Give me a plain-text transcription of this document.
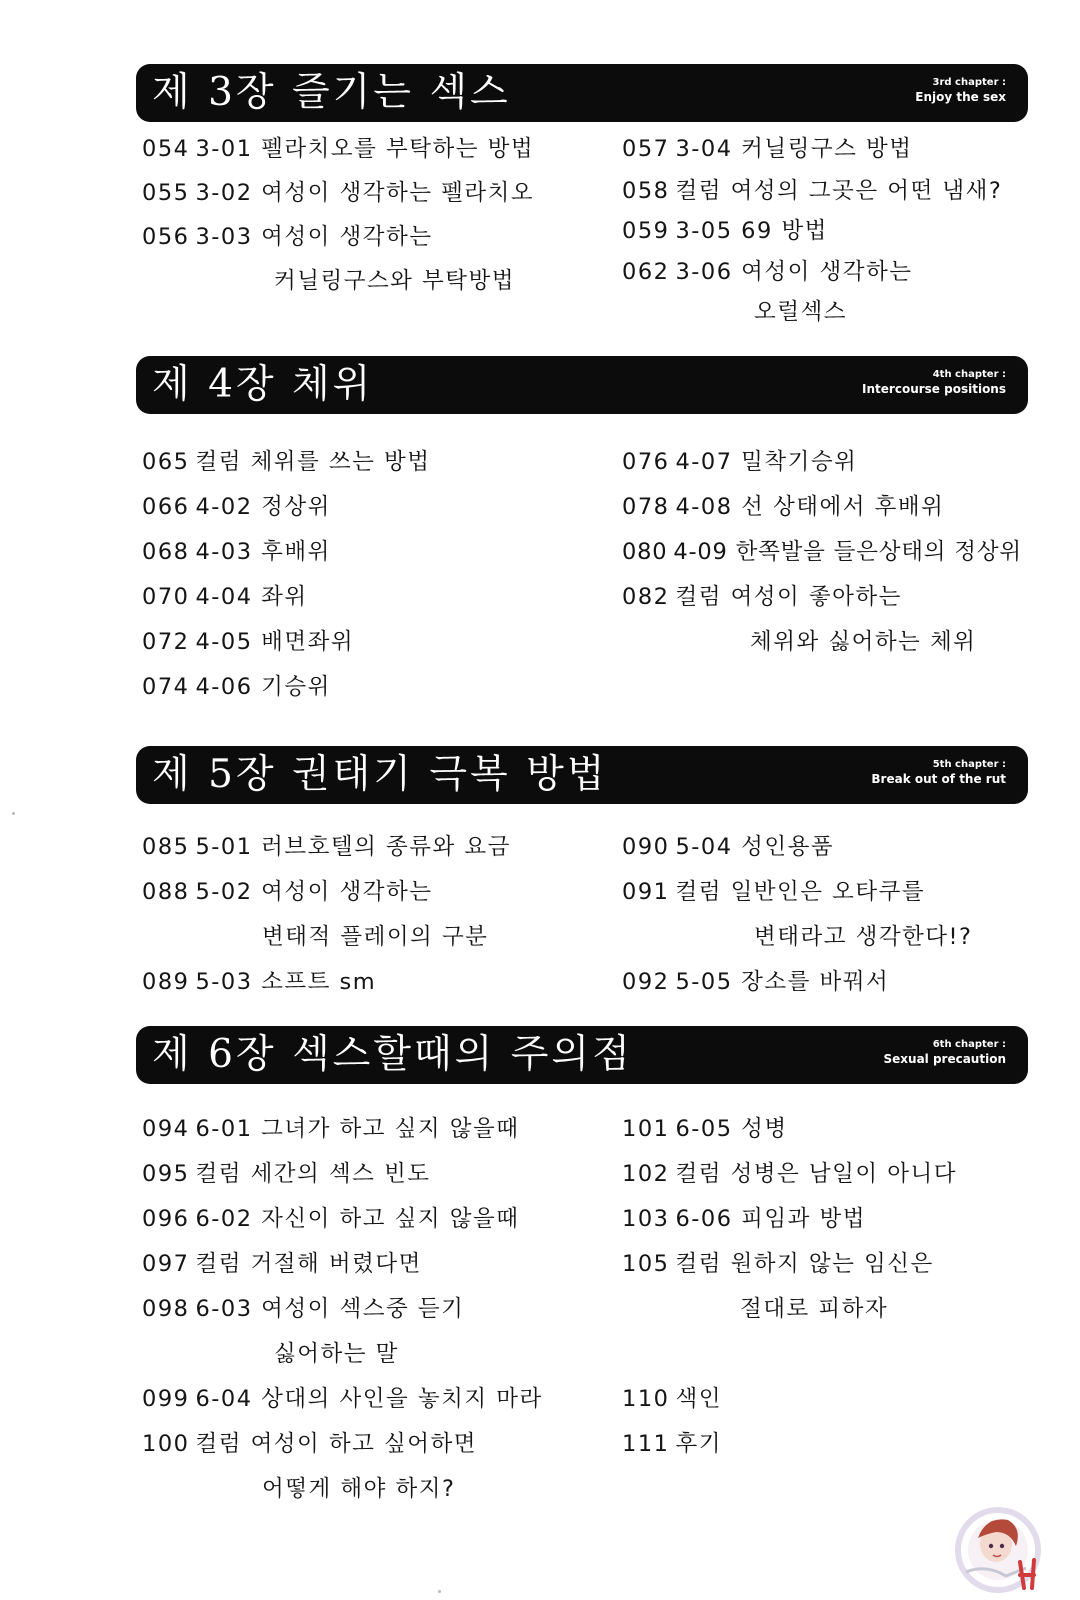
제 3장 즐기는 섹스	3rd chapter :
Enjoy the sex
054 3-01 펠라치오를 부탁하는 방법
055 3-02 여성이 생각하는 펠라치오
056 3-03 여성이 생각하는
커닐링구스와 부탁방법
057 3-04 커닐링구스 방법
058 컬럼 여성의 그곳은 어떤 냄새?
059 3-05 69 방법
062 3-06 여성이 생각하는
오럴섹스
제 4장 체위	4th chapter :
Intercourse positions
065 컬럼 체위를 쓰는 방법
066 4-02 정상위
068 4-03 후배위
070 4-04 좌위
072 4-05 배면좌위
074 4-06 기승위
076 4-07 밀착기승위
078 4-08 선 상태에서 후배위
080 4-09 한쪽발을 들은상태의 정상위
082 컬럼 여성이 좋아하는
체위와 싫어하는 체위
제 5장 권태기 극복 방법	5th chapter :
Break out of the rut
085 5-01 러브호텔의 종류와 요금
088 5-02 여성이 생각하는
변태적 플레이의 구분
089 5-03 소프트 sm
090 5-04 성인용품
091 컬럼 일반인은 오타쿠를
변태라고 생각한다!?
092 5-05 장소를 바꿔서
제 6장 섹스할때의 주의점	6th chapter :
Sexual precaution
094 6-01 그녀가 하고 싶지 않을때
095 컬럼 세간의 섹스 빈도
096 6-02 자신이 하고 싶지 않을때
097 컬럼 거절해 버렸다면
098 6-03 여성이 섹스중 듣기
싫어하는 말
099 6-04 상대의 사인을 놓치지 마라
100 컬럼 여성이 하고 싶어하면
어떻게 해야 하지?
101 6-05 성병
102 컬럼 성병은 남일이 아니다
103 6-06 피임과 방법
105 컬럼 원하지 않는 임신은
절대로 피하자
110 색인
111 후기
